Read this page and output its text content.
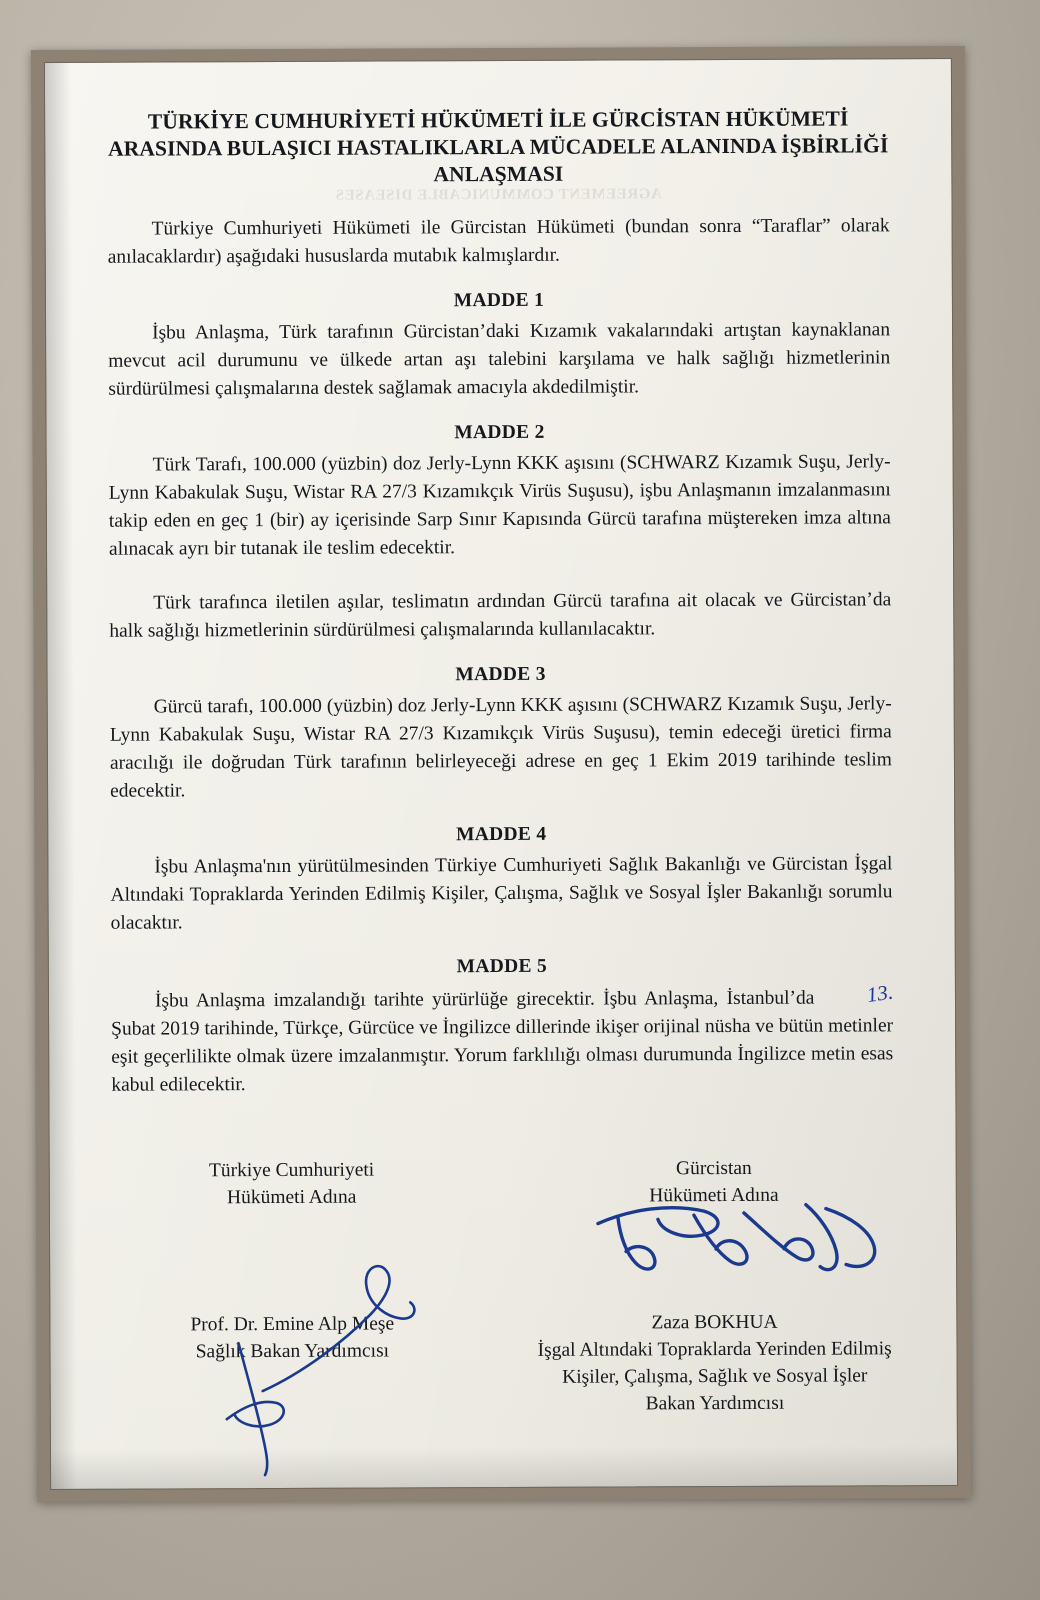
AGREEMENT COMMUNICABLE DISEASES
TÜRKİYE CUMHURİYETİ HÜKÜMETİ İLE GÜRCİSTAN HÜKÜMETİ ARASINDA BULAŞICI HASTALIKLARLA MÜCADELE ALANINDA İŞBİRLİĞİ ANLAŞMASI

Türkiye Cumhuriyeti Hükümeti ile Gürcistan Hükümeti (bundan sonra “Taraflar” olarak anılacaklardır) aşağıdaki hususlarda mutabık kalmışlardır.

MADDE 1

İşbu Anlaşma, Türk tarafının Gürcistan’daki Kızamık vakalarındaki artıştan kaynaklanan mevcut acil durumunu ve ülkede artan aşı talebini karşılama ve halk sağlığı hizmetlerinin sürdürülmesi çalışmalarına destek sağlamak amacıyla akdedilmiştir.

MADDE 2

Türk Tarafı, 100.000 (yüzbin) doz Jerly-Lynn KKK aşısını (SCHWARZ Kızamık Suşu, Jerly-Lynn Kabakulak Suşu, Wistar RA 27/3 Kızamıkçık Virüs Suşusu), işbu Anlaşmanın imzalanmasını takip eden en geç 1 (bir) ay içerisinde Sarp Sınır Kapısında Gürcü tarafına müştereken imza altına alınacak ayrı bir tutanak ile teslim edecektir.

Türk tarafınca iletilen aşılar, teslimatın ardından Gürcü tarafına ait olacak ve Gürcistan’da halk sağlığı hizmetlerinin sürdürülmesi çalışmalarında kullanılacaktır.

MADDE 3

Gürcü tarafı, 100.000 (yüzbin) doz Jerly-Lynn KKK aşısını (SCHWARZ Kızamık Suşu, Jerly-Lynn Kabakulak Suşu, Wistar RA 27/3 Kızamıkçık Virüs Suşusu), temin edeceği üretici firma aracılığı ile doğrudan Türk tarafının belirleyeceği adrese en geç 1 Ekim 2019 tarihinde teslim edecektir.

MADDE 4

İşbu Anlaşma'nın yürütülmesinden Türkiye Cumhuriyeti Sağlık Bakanlığı ve Gürcistan İşgal Altındaki Topraklarda Yerinden Edilmiş Kişiler, Çalışma, Sağlık ve Sosyal İşler Bakanlığı sorumlu olacaktır.

MADDE 5

İşbu Anlaşma imzalandığı tarihte yürürlüğe girecektir. İşbu Anlaşma, İstanbul’da 13. Şubat 2019 tarihinde, Türkçe, Gürcüce ve İngilizce dillerinde ikişer orijinal nüsha ve bütün metinler eşit geçerlilikte olmak üzere imzalanmıştır. Yorum farklılığı olması durumunda İngilizce metin esas kabul edilecektir.

Türkiye Cumhuriyeti
Hükümeti Adına
Prof. Dr. Emine Alp Meşe
Sağlık Bakan Yardımcısı
Gürcistan
Hükümeti Adına
Zaza BOKHUA
İşgal Altındaki Topraklarda Yerinden Edilmiş Kişiler, Çalışma, Sağlık ve Sosyal İşler Bakan Yardımcısı
